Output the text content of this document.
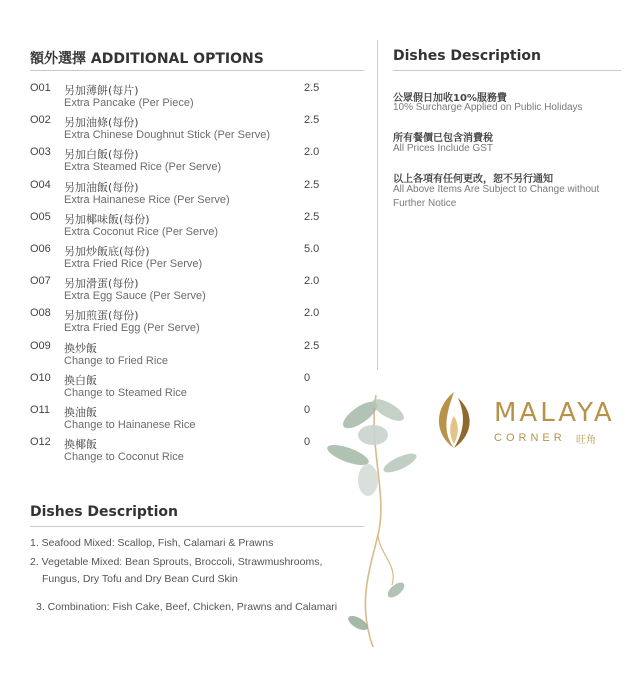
額外選擇 ADDITIONAL OPTIONS
O01 另加薄餅(每片)
Extra Pancake (Per Piece)
2.5
O02 另加油條(每份)
Extra Chinese Doughnut Stick (Per Serve)
2.5
O03 另加白飯(每份)
Extra Steamed Rice (Per Serve)
2.0
O04 另加油飯(每份)
Extra Hainanese Rice (Per Serve)
2.5
O05 另加椰味飯(每份)
Extra Coconut Rice (Per Serve)
2.5
O06 另加炒飯底(每份)
Extra Fried Rice (Per Serve)
5.0
O07 另加滑蛋(每份)
Extra Egg Sauce (Per Serve)
2.0
O08 另加煎蛋(每份)
Extra Fried Egg (Per Serve)
2.0
O09 換炒飯
Change to Fried Rice
2.5
O10 換白飯
Change to Steamed Rice
0
O11 換油飯
Change to Hainanese Rice
0
O12 換椰飯
Change to Coconut Rice
0
Dishes Description
公眾假日加收10%服務費
10% Surcharge Applied on Public Holidays
所有餐價已包含消費稅
All Prices Include GST
以上各項有任何更改，恕不另行通知
All Above Items Are Subject to Change without Further Notice
MALAYA
CORNER 旺角
Dishes Description
1. Seafood Mixed: Scallop, Fish, Calamari & Prawns
2. Vegetable Mixed: Bean Sprouts, Broccoli, Strawmushrooms,
Fungus, Dry Tofu and Dry Bean Curd Skin
3. Combination: Fish Cake, Beef, Chicken, Prawns and Calamari
